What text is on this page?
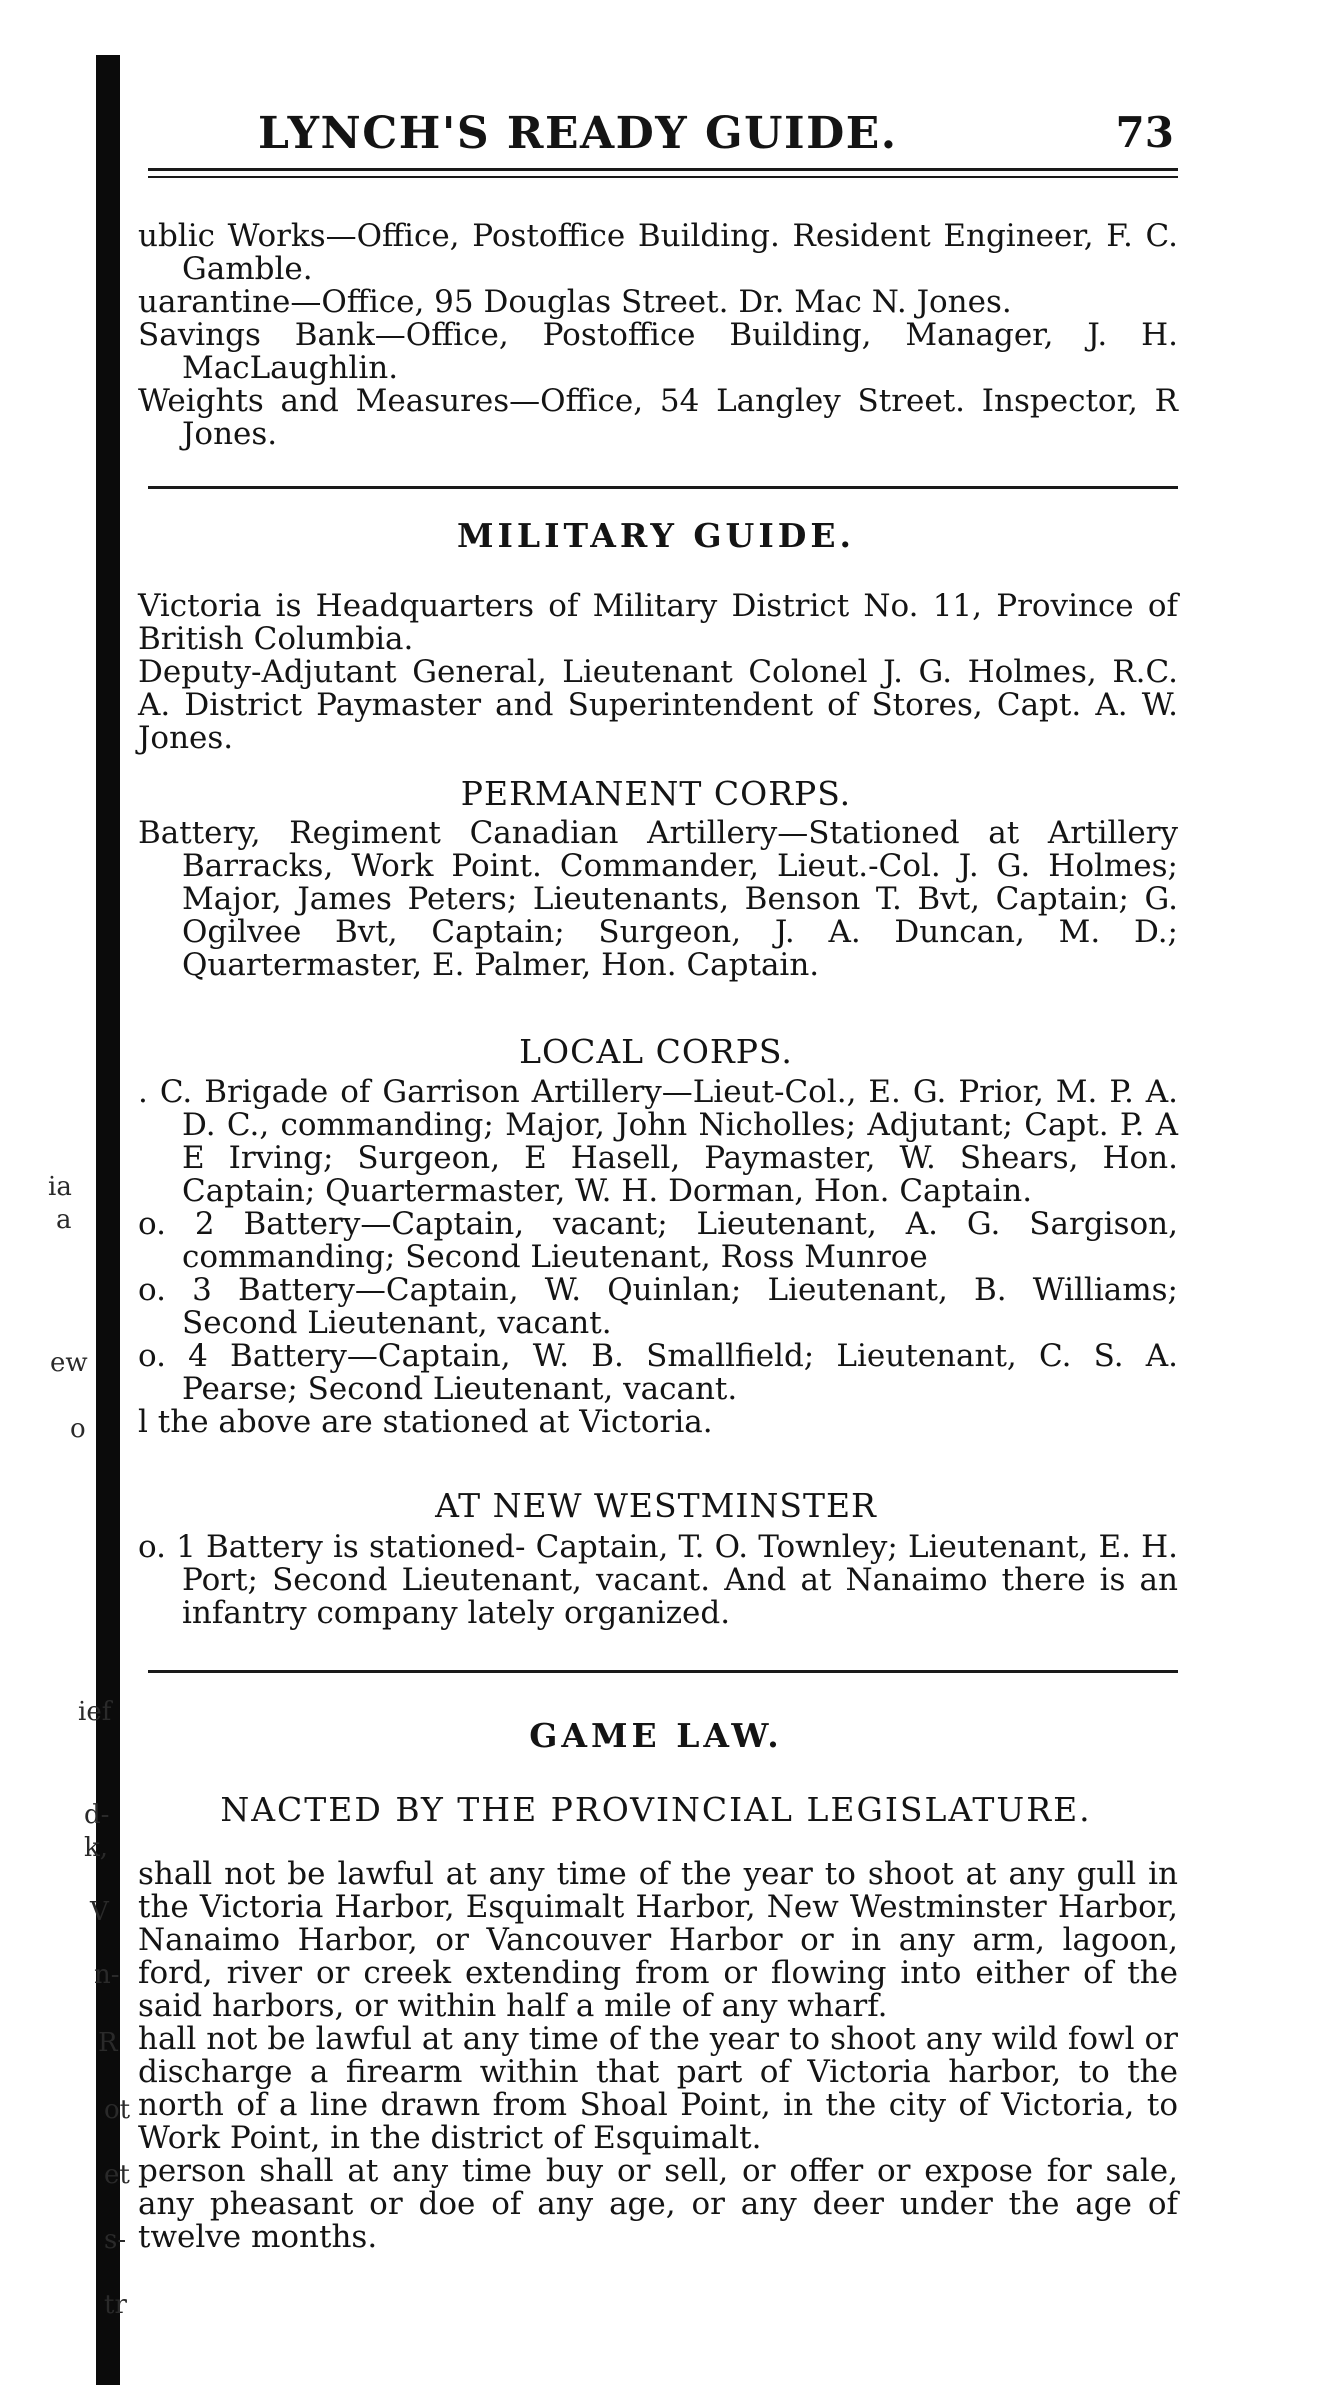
ia
a
ew
o
ief
d-
k,
V
n-
R
ot
et
s-
tr
LYNCH'S READY GUIDE.	73

ublic Works—Office, Postoffice Building. Resident Engineer, F. C. Gamble.

uarantine—Office, 95 Douglas Street. Dr. Mac N. Jones.

Savings Bank—Office, Postoffice Building, Manager, J. H. MacLaughlin.

Weights and Measures—Office, 54 Langley Street. Inspector, R Jones.

MILITARY GUIDE.

Victoria is Headquarters of Military District No. 11, Province of British Columbia.

Deputy-Adjutant General, Lieutenant Colonel J. G. Holmes, R.C. A. District Paymaster and Superintendent of Stores, Capt. A. W. Jones.

PERMANENT CORPS.

Battery, Regiment Canadian Artillery—Stationed at Artillery Barracks, Work Point. Commander, Lieut.-Col. J. G. Holmes; Major, James Peters; Lieutenants, Benson T. Bvt, Captain; G. Ogilvee Bvt, Captain; Surgeon, J. A. Duncan, M. D.; Quartermaster, E. Palmer, Hon. Captain.

LOCAL CORPS.

. C. Brigade of Garrison Artillery—Lieut-Col., E. G. Prior, M. P. A. D. C., commanding; Major, John Nicholles; Adjutant; Capt. P. A E Irving; Surgeon, E Hasell, Paymaster, W. Shears, Hon. Captain; Quartermaster, W. H. Dorman, Hon. Captain.

o. 2 Battery—Captain, vacant; Lieutenant, A. G. Sargison, commanding; Second Lieutenant, Ross Munroe

o. 3 Battery—Captain, W. Quinlan; Lieutenant, B. Williams; Second Lieutenant, vacant.

o. 4 Battery—Captain, W. B. Smallfield; Lieutenant, C. S. A. Pearse; Second Lieutenant, vacant.

l the above are stationed at Victoria.

AT NEW WESTMINSTER

o. 1 Battery is stationed- Captain, T. O. Townley; Lieutenant, E. H. Port; Second Lieutenant, vacant. And at Nanaimo there is an infantry company lately organized.

GAME LAW.
NACTED BY THE PROVINCIAL LEGISLATURE.

shall not be lawful at any time of the year to shoot at any gull in the Victoria Harbor, Esquimalt Harbor, New Westminster Harbor, Nanaimo Harbor, or Vancouver Harbor or in any arm, lagoon, ford, river or creek extending from or flowing into either of the said harbors, or within half a mile of any wharf.

hall not be lawful at any time of the year to shoot any wild fowl or discharge a firearm within that part of Victoria harbor, to the north of a line drawn from Shoal Point, in the city of Victoria, to Work Point, in the district of Esquimalt.

person shall at any time buy or sell, or offer or expose for sale, any pheasant or doe of any age, or any deer under the age of twelve months.
